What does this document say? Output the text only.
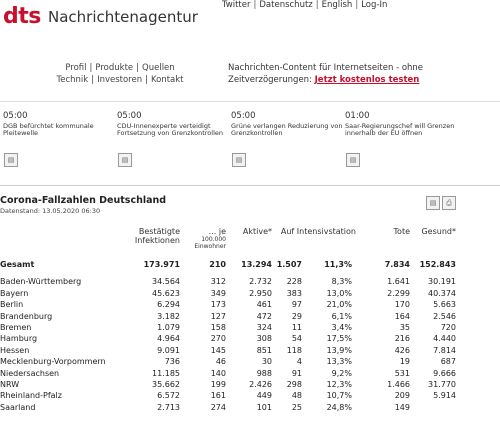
Twitter | Datenschutz | English | Log-In
dts Nachrichtenagentur
Profil | Produkte | Quellen
Technik | Investoren | Kontakt
Nachrichten-Content für Internetseiten - ohne
Zeitverzögerungen: Jetzt kostenlos testen
05:00
DGB befürchtet kommunale Pleitewelle
05:00
CDU-Innenexperte verteidigt Fortsetzung von Grenzkontrollen
05:00
Grüne verlangen Reduzierung von Grenzkontrollen
01:00
Saar-Regierungschef will Grenzen innerhalb der EU öffnen
▤	▤	▤	▤
Corona-Fallzahlen Deutschland
Datenstand: 13.05.2020 06:30
▤	⎙
Bestätigte
Infektionen
... je
100.000
Einwohner
Aktive*	Auf Intensivstation	Tote	Gesund*
Gesamt	173.971	210	13.294	1.507	11,3%	7.834	152.843

Baden-Württemberg	34.564	312	2.732	228	8,3%	1.641	30.191
Bayern	45.623	349	2.950	383	13,0%	2.299	40.374
Berlin	6.294	173	461	97	21,0%	170	5.663
Brandenburg	3.182	127	472	29	6,1%	164	2.546
Bremen	1.079	158	324	11	3,4%	35	720
Hamburg	4.964	270	308	54	17,5%	216	4.440
Hessen	9.091	145	851	118	13,9%	426	7.814
Mecklenburg-Vorpommern	736	46	30	4	13,3%	19	687
Niedersachsen	11.185	140	988	91	9,2%	531	9.666
NRW	35.662	199	2.426	298	12,3%	1.466	31.770
Rheinland-Pfalz	6.572	161	449	48	10,7%	209	5.914
Saarland	2.713	274	101	25	24,8%	149	
